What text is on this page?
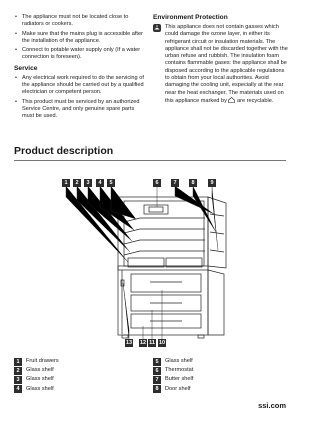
• The appliance must not be located close to radiators or cookers.
• Make sure that the mains plug is accessible after the installation of the appliance.
• Connect to potable water supply only (If a water connection is foreseen).
Service
• Any electrical work required to do the servicing of the appliance should be carried out by a qualified electrician or competent person.
• This product must be serviced by an authorized Service Centre, and only genuine spare parts must be used.
Environment Protection
This appliance does not contain gasses which could damage the ozone layer, in either its refrigerant circuit or insulation materials. The appliance shall not be discarded together with the urban refuse and rubbish. The insulation foam contains flammable gases: the appliance shall be disposed according to the applicable regulations to obtain from your local authorities. Avoid damaging the cooling unit, especially at the rear near the heat exchanger. The materials used on this appliance marked by are recyclable.
Product description
1	2	3	4	5	6	7	8	9
13 12 11 10
1	Fruit drawers
2	Glass shelf
3	Glass shelf
4	Glass shelf
5	Glass shelf
6	Thermostat
7	Butter shelf
8	Door shelf
ssi.com
